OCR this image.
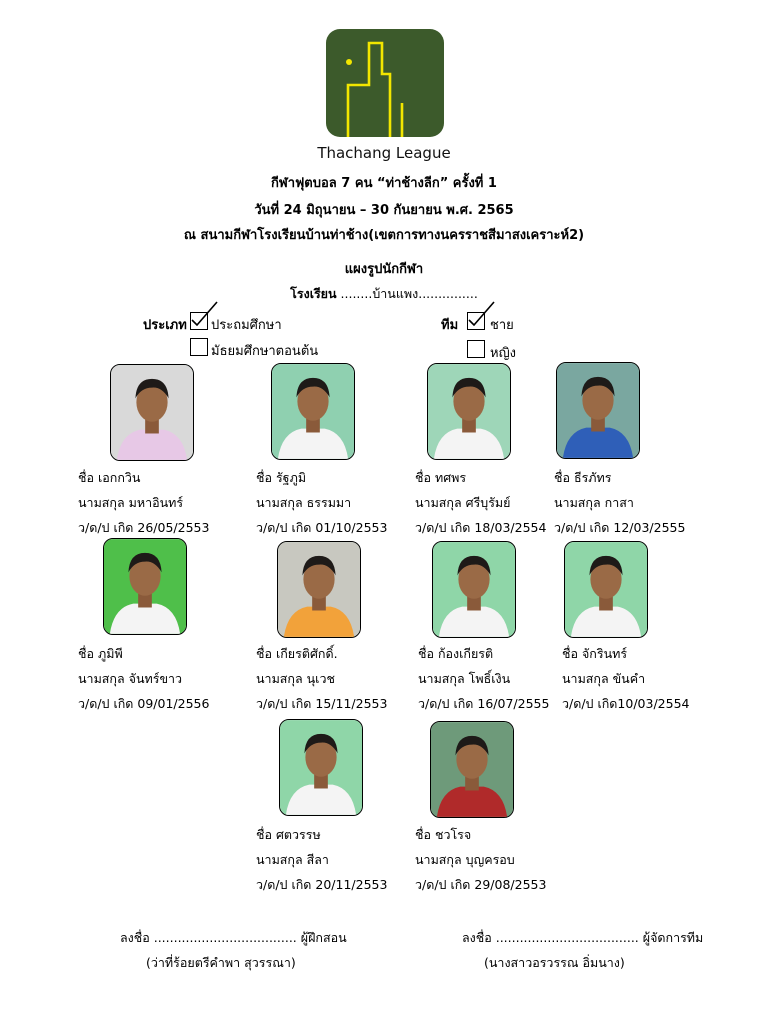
Thachang League
กีฬาฟุตบอล 7 คน “ท่าช้างลีก” ครั้งที่ 1
วันที่ 24 มิถุนายน – 30 กันยายน พ.ศ. 2565
ณ สนามกีฬาโรงเรียนบ้านท่าช้าง(เขตการทางนครราชสีมาสงเคราะห์2)
แผงรูปนักกีฬา
โรงเรียน ........บ้านแพง...............
ประเภท ประถมศึกษา
มัธยมศึกษาตอนต้น
ทีม ชาย
หญิง
ชื่อ เอกกวิน
นามสกุล มหาอินทร์
ว/ด/ป เกิด 26/05/2553
ชื่อ รัฐภูมิ
นามสกุล ธรรมมา
ว/ด/ป เกิด 01/10/2553
ชื่อ ทศพร
นามสกุล ศรีบุรัมย์
ว/ด/ป เกิด 18/03/2554
ชื่อ ธีรภัทร
นามสกุล กาสา
ว/ด/ป เกิด 12/03/2555
ชื่อ ภูมิพี
นามสกุล จันทร์ขาว
ว/ด/ป เกิด 09/01/2556
ชื่อ เกียรติศักดิ์.
นามสกุล นุเวช
ว/ด/ป เกิด 15/11/2553
ชื่อ ก้องเกียรติ
นามสกุล โพธิ์เงิน
ว/ด/ป เกิด 16/07/2555
ชื่อ จักรินทร์
นามสกุล ขันคำ
ว/ด/ป เกิด10/03/2554
ชื่อ ศตวรรษ
นามสกุล สีลา
ว/ด/ป เกิด 20/11/2553
ชื่อ ชวโรจ
นามสกุล บุญครอบ
ว/ด/ป เกิด 29/08/2553
ลงชื่อ .................................... ผู้ฝึกสอน
(ว่าที่ร้อยตรีคำพา สุวรรณา)
ลงชื่อ .................................... ผู้จัดการทีม
(นางสาวอรวรรณ อิ่มนาง)
